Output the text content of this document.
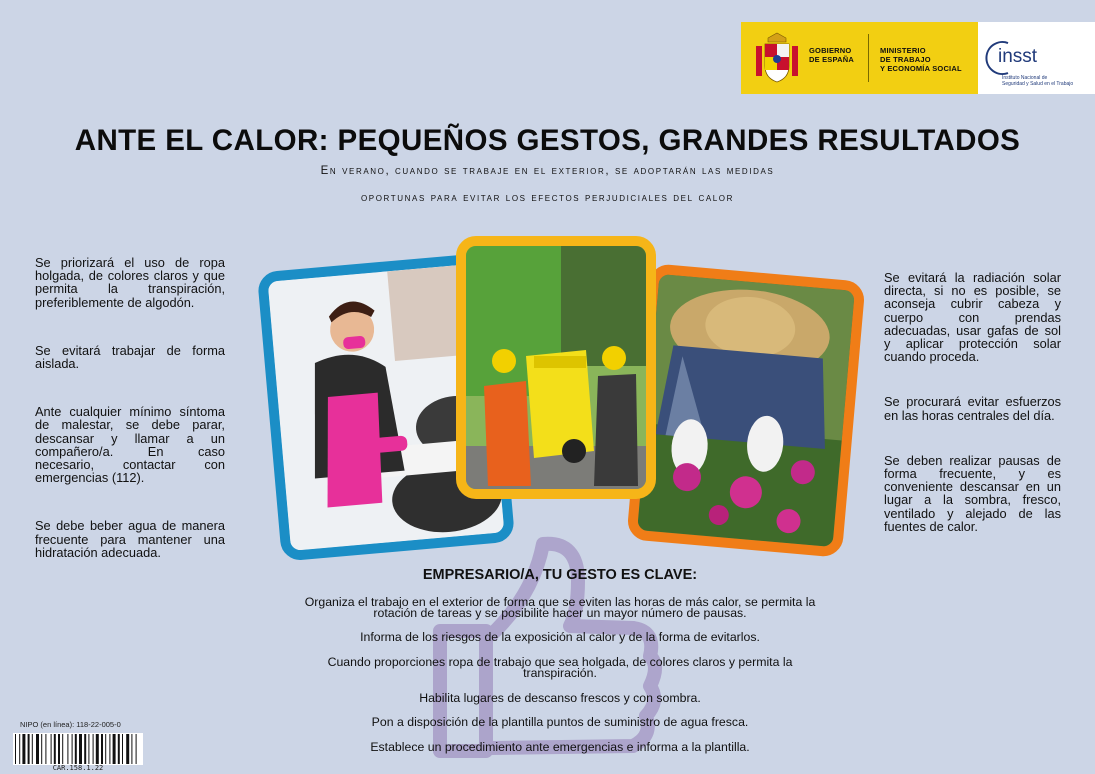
GOBIERNO
DE ESPAÑA
MINISTERIO
DE TRABAJO
Y ECONOMÍA SOCIAL
insst
Instituto Nacional de
Seguridad y Salud en el Trabajo
ANTE EL CALOR: PEQUEÑOS GESTOS, GRANDES RESULTADOS
En verano, cuando se trabaje en el exterior, se adoptarán las medidas
oportunas para evitar los efectos perjudiciales del calor

Se priorizará el uso de ropa holgada, de colores claros y que permita la transpiración, preferiblemente de algodón.

Se evitará trabajar de forma aislada.

Ante cualquier mínimo síntoma de malestar, se debe parar, descansar y llamar a un compañero/a. En caso necesario, contactar con emergencias (112).

Se debe beber agua de manera frecuente para mantener una hidratación adecuada.

Se evitará la radiación solar directa, si no es posible, se aconseja cubrir cabeza y cuerpo con prendas adecuadas, usar gafas de sol y aplicar protección solar cuando proceda.

Se procurará evitar esfuerzos en las horas centrales del día.

Se deben realizar pausas de forma frecuente, y es conveniente descansar en un lugar a la sombra, fresco, ventilado y alejado de las fuentes de calor.

EMPRESARIO/A, TU GESTO ES CLAVE:
Organiza el trabajo en el exterior de forma que se eviten las horas de más calor, se permita la rotación de tareas y se posibilite hacer un mayor número de pausas.
Informa de los riesgos de la exposición al calor y de la forma de evitarlos.
Cuando proporciones ropa de trabajo que sea holgada, de colores claros y permita la transpiración.
Habilita lugares de descanso frescos y con sombra.
Pon a disposición de la plantilla puntos de suministro de agua fresca.
Establece un procedimiento ante emergencias e informa a la plantilla.
NIPO (en línea): 118-22-005-0
CAR.158.1.22
